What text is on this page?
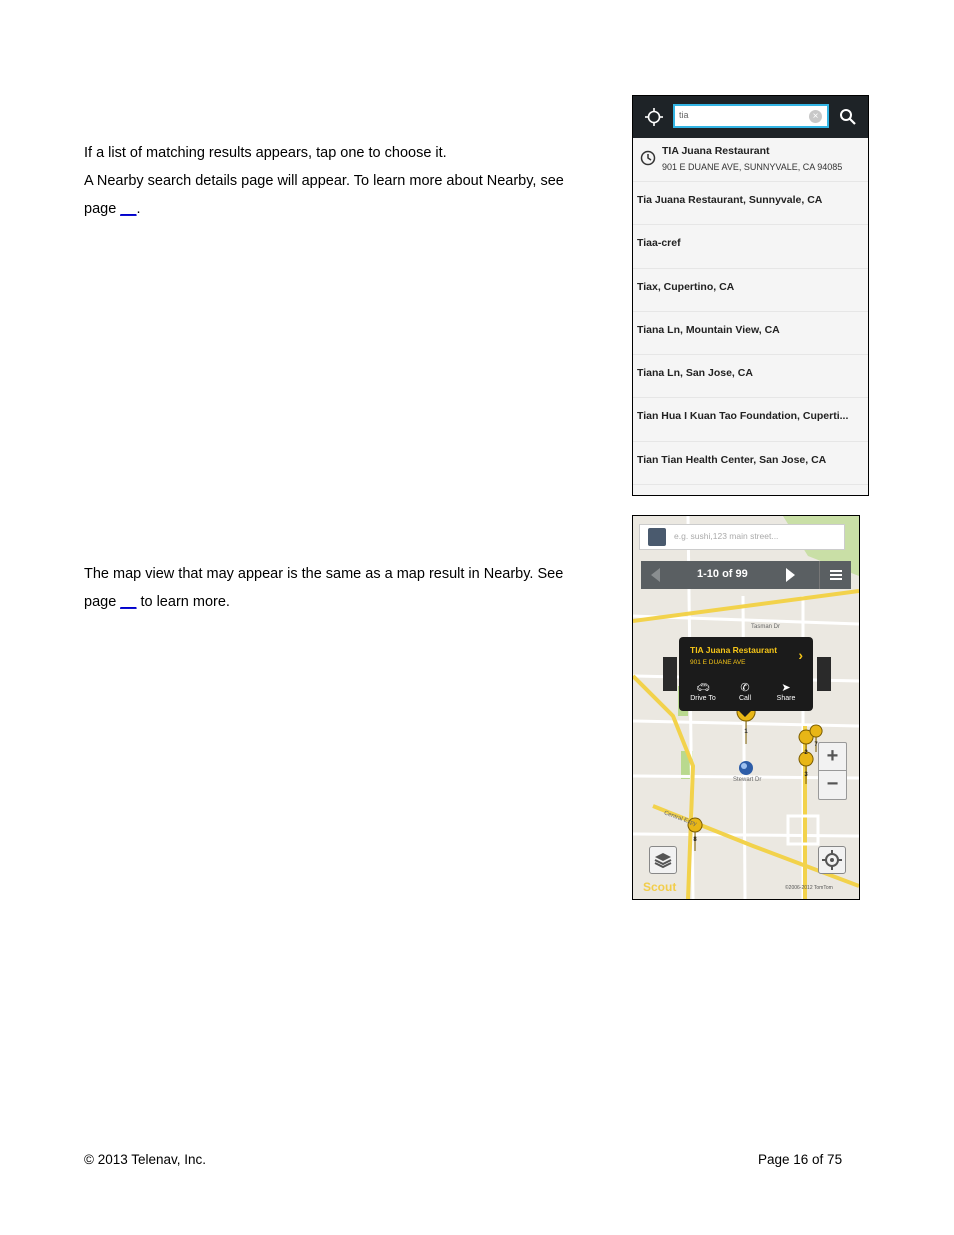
If a list of matching results appears, tap one to choose it.
A Nearby search details page will appear. To learn more about Nearby, see
page __.
The map view that may appear is the same as a map result in Nearby. See
page __ to learn more.
tia	×
TIA Juana Restaurant
901 E DUANE AVE, SUNNYVALE, CA 94085
Tia Juana Restaurant, Sunnyvale, CA
Tiaa-cref
Tiax, Cupertino, CA
Tiana Ln, Mountain View, CA
Tiana Ln, San Jose, CA
Tian Hua I Kuan Tao Foundation, Cuperti...
Tian Tian Health Center, San Jose, CA
1
2
3
7
8
Tasman Dr
Stewart Dr
Central Expy
e.g. sushi,123 main street...
1-10 of 99
TIA Juana Restaurant
901 E DUANE AVE	›
🚗︎
Drive To
✆
Call
➤
Share
+
−
Scout	©2006-2012 TomTom
© 2013 Telenav, Inc.	Page 16 of 75
